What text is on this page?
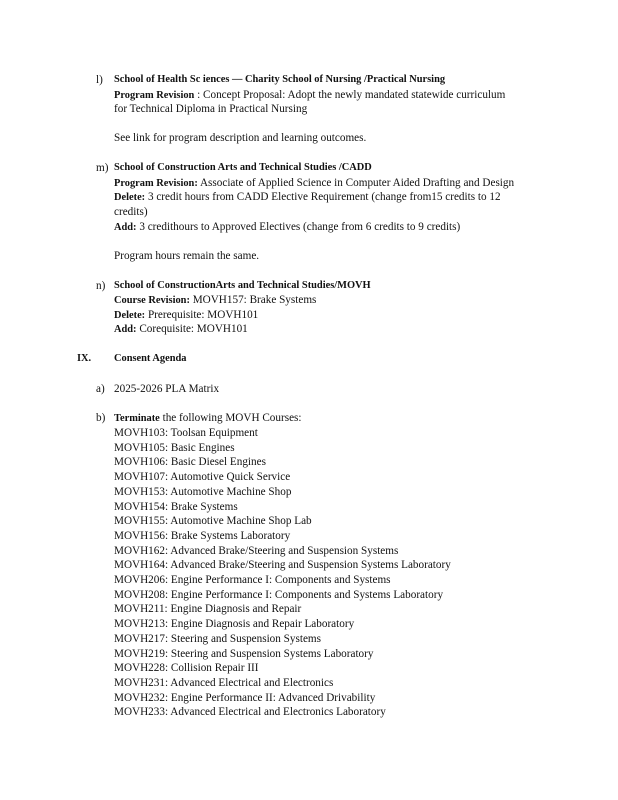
l) School of Health Sc iences — Charity School of Nursing /Practical Nursing
Program Revision : Concept Proposal: Adopt the newly mandated statewide curriculum
for Technical Diploma in Practical Nursing
See link for program description and learning outcomes.
m) School of Construction Arts and Technical Studies /CADD
Program Revision: Associate of Applied Science in Computer Aided Drafting and Design
Delete: 3 credit hours from CADD Elective Requirement (change from15 credits to 12
credits)
Add: 3 credithours to Approved Electives (change from 6 credits to 9 credits)
Program hours remain the same.
n) School of ConstructionArts and Technical Studies/MOVH
Course Revision: MOVH157: Brake Systems
Delete: Prerequisite: MOVH101
Add: Corequisite: MOVH101
IX. Consent Agenda
a) 2025-2026 PLA Matrix
b) Terminate the following MOVH Courses:
MOVH103: Toolsan Equipment
MOVH105: Basic Engines
MOVH106: Basic Diesel Engines
MOVH107: Automotive Quick Service
MOVH153: Automotive Machine Shop
MOVH154: Brake Systems
MOVH155: Automotive Machine Shop Lab
MOVH156: Brake Systems Laboratory
MOVH162: Advanced Brake/Steering and Suspension Systems
MOVH164: Advanced Brake/Steering and Suspension Systems Laboratory
MOVH206: Engine Performance I: Components and Systems
MOVH208: Engine Performance I: Components and Systems Laboratory
MOVH211: Engine Diagnosis and Repair
MOVH213: Engine Diagnosis and Repair Laboratory
MOVH217: Steering and Suspension Systems
MOVH219: Steering and Suspension Systems Laboratory
MOVH228: Collision Repair III
MOVH231: Advanced Electrical and Electronics
MOVH232: Engine Performance II: Advanced Drivability
MOVH233: Advanced Electrical and Electronics Laboratory
